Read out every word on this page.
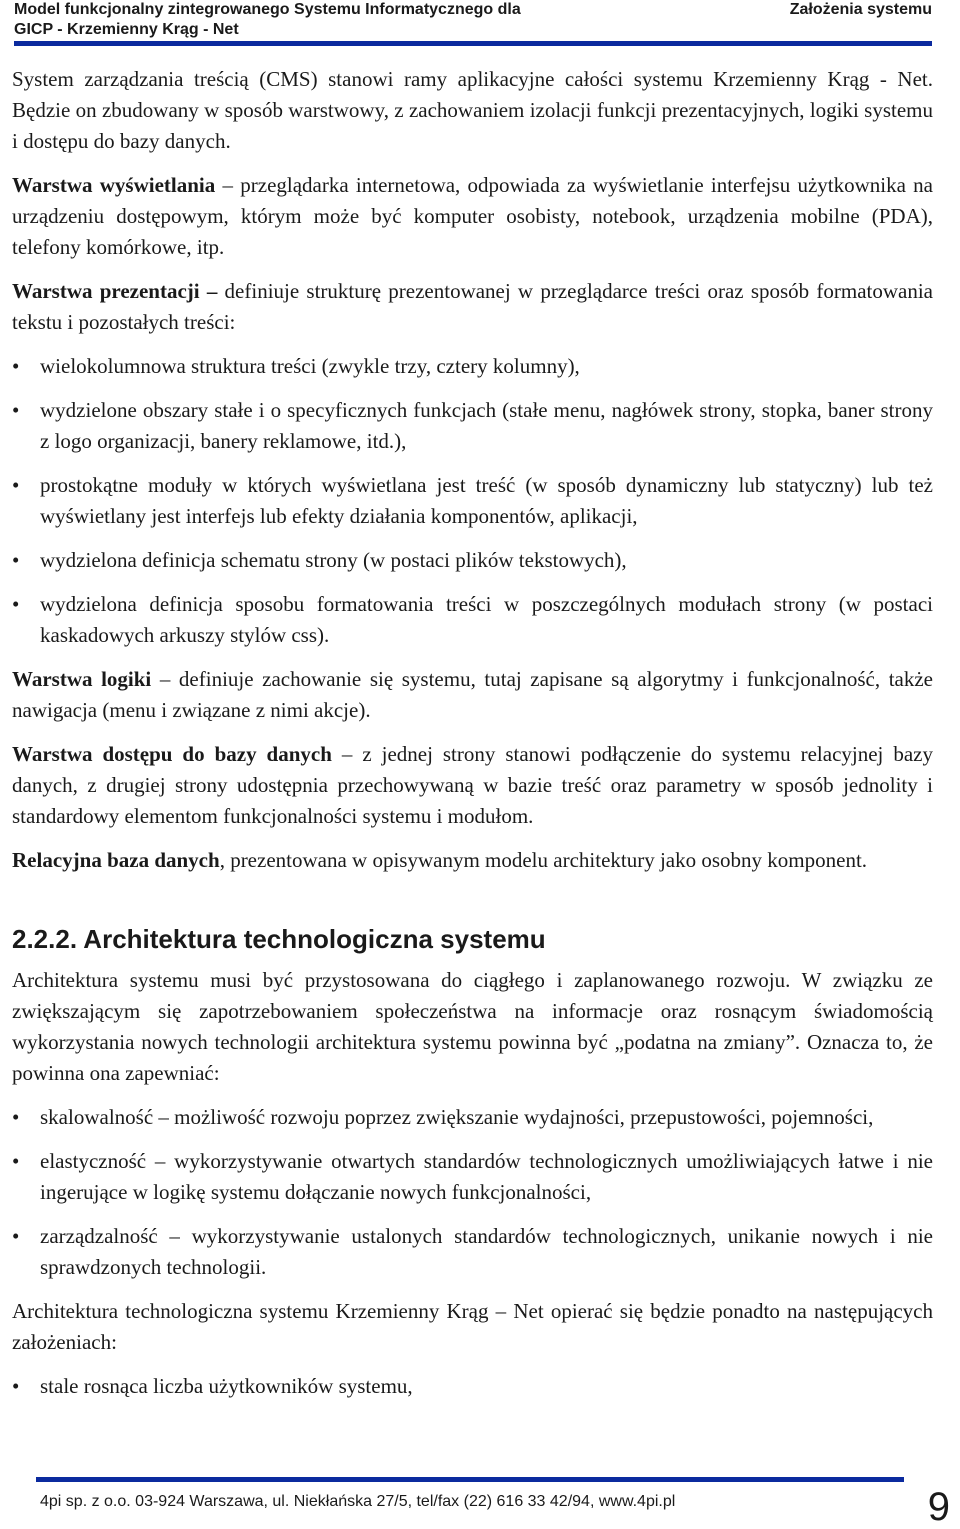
Model funkcjonalny zintegrowanego Systemu Informatycznego dla
GICP - Krzemienny Krąg - Net
Założenia systemu

System zarządzania treścią (CMS) stanowi ramy aplikacyjne całości systemu Krzemienny Krąg - Net. Będzie on zbudowany w sposób warstwowy, z zachowaniem izolacji funkcji prezentacyjnych, logiki systemu i dostępu do bazy danych.

Warstwa wyświetlania – przeglądarka internetowa, odpowiada za wyświetlanie interfejsu użytkownika na urządzeniu dostępowym, którym może być komputer osobisty, notebook, urządzenia mobilne (PDA), telefony komórkowe, itp.

Warstwa prezentacji – definiuje strukturę prezentowanej w przeglądarce treści oraz sposób formatowania tekstu i pozostałych treści:

• wielokolumnowa struktura treści (zwykle trzy, cztery kolumny),
• wydzielone obszary stałe i o specyficznych funkcjach (stałe menu, nagłówek strony, stopka, baner strony z logo organizacji, banery reklamowe, itd.),
• prostokątne moduły w których wyświetlana jest treść (w sposób dynamiczny lub statyczny) lub też wyświetlany jest interfejs lub efekty działania komponentów, aplikacji,
• wydzielona definicja schematu strony (w postaci plików tekstowych),
• wydzielona definicja sposobu formatowania treści w poszczególnych modułach strony (w postaci kaskadowych arkuszy stylów css).

Warstwa logiki – definiuje zachowanie się systemu, tutaj zapisane są algorytmy i funkcjonalność, także nawigacja (menu i związane z nimi akcje).

Warstwa dostępu do bazy danych – z jednej strony stanowi podłączenie do systemu relacyjnej bazy danych, z drugiej strony udostępnia przechowywaną w bazie treść oraz parametry w sposób jednolity i standardowy elementom funkcjonalności systemu i modułom.

Relacyjna baza danych, prezentowana w opisywanym modelu architektury jako osobny komponent.

2.2.2. Architektura technologiczna systemu

Architektura systemu musi być przystosowana do ciągłego i zaplanowanego rozwoju. W związku ze zwiększającym się zapotrzebowaniem społeczeństwa na informacje oraz rosnącym świadomością wykorzystania nowych technologii architektura systemu powinna być „podatna na zmiany”. Oznacza to, że powinna ona zapewniać:

• skalowalność – możliwość rozwoju poprzez zwiększanie wydajności, przepustowości, pojemności,
• elastyczność – wykorzystywanie otwartych standardów technologicznych umożliwiających łatwe i nie ingerujące w logikę systemu dołączanie nowych funkcjonalności,
• zarządzalność – wykorzystywanie ustalonych standardów technologicznych, unikanie nowych i nie sprawdzonych technologii.

Architektura technologiczna systemu Krzemienny Krąg – Net opierać się będzie ponadto na następujących założeniach:

• stale rosnąca liczba użytkowników systemu,
4pi sp. z o.o. 03-924 Warszawa, ul. Niekłańska 27/5, tel/fax (22) 616 33 42/94, www.4pi.pl	9
